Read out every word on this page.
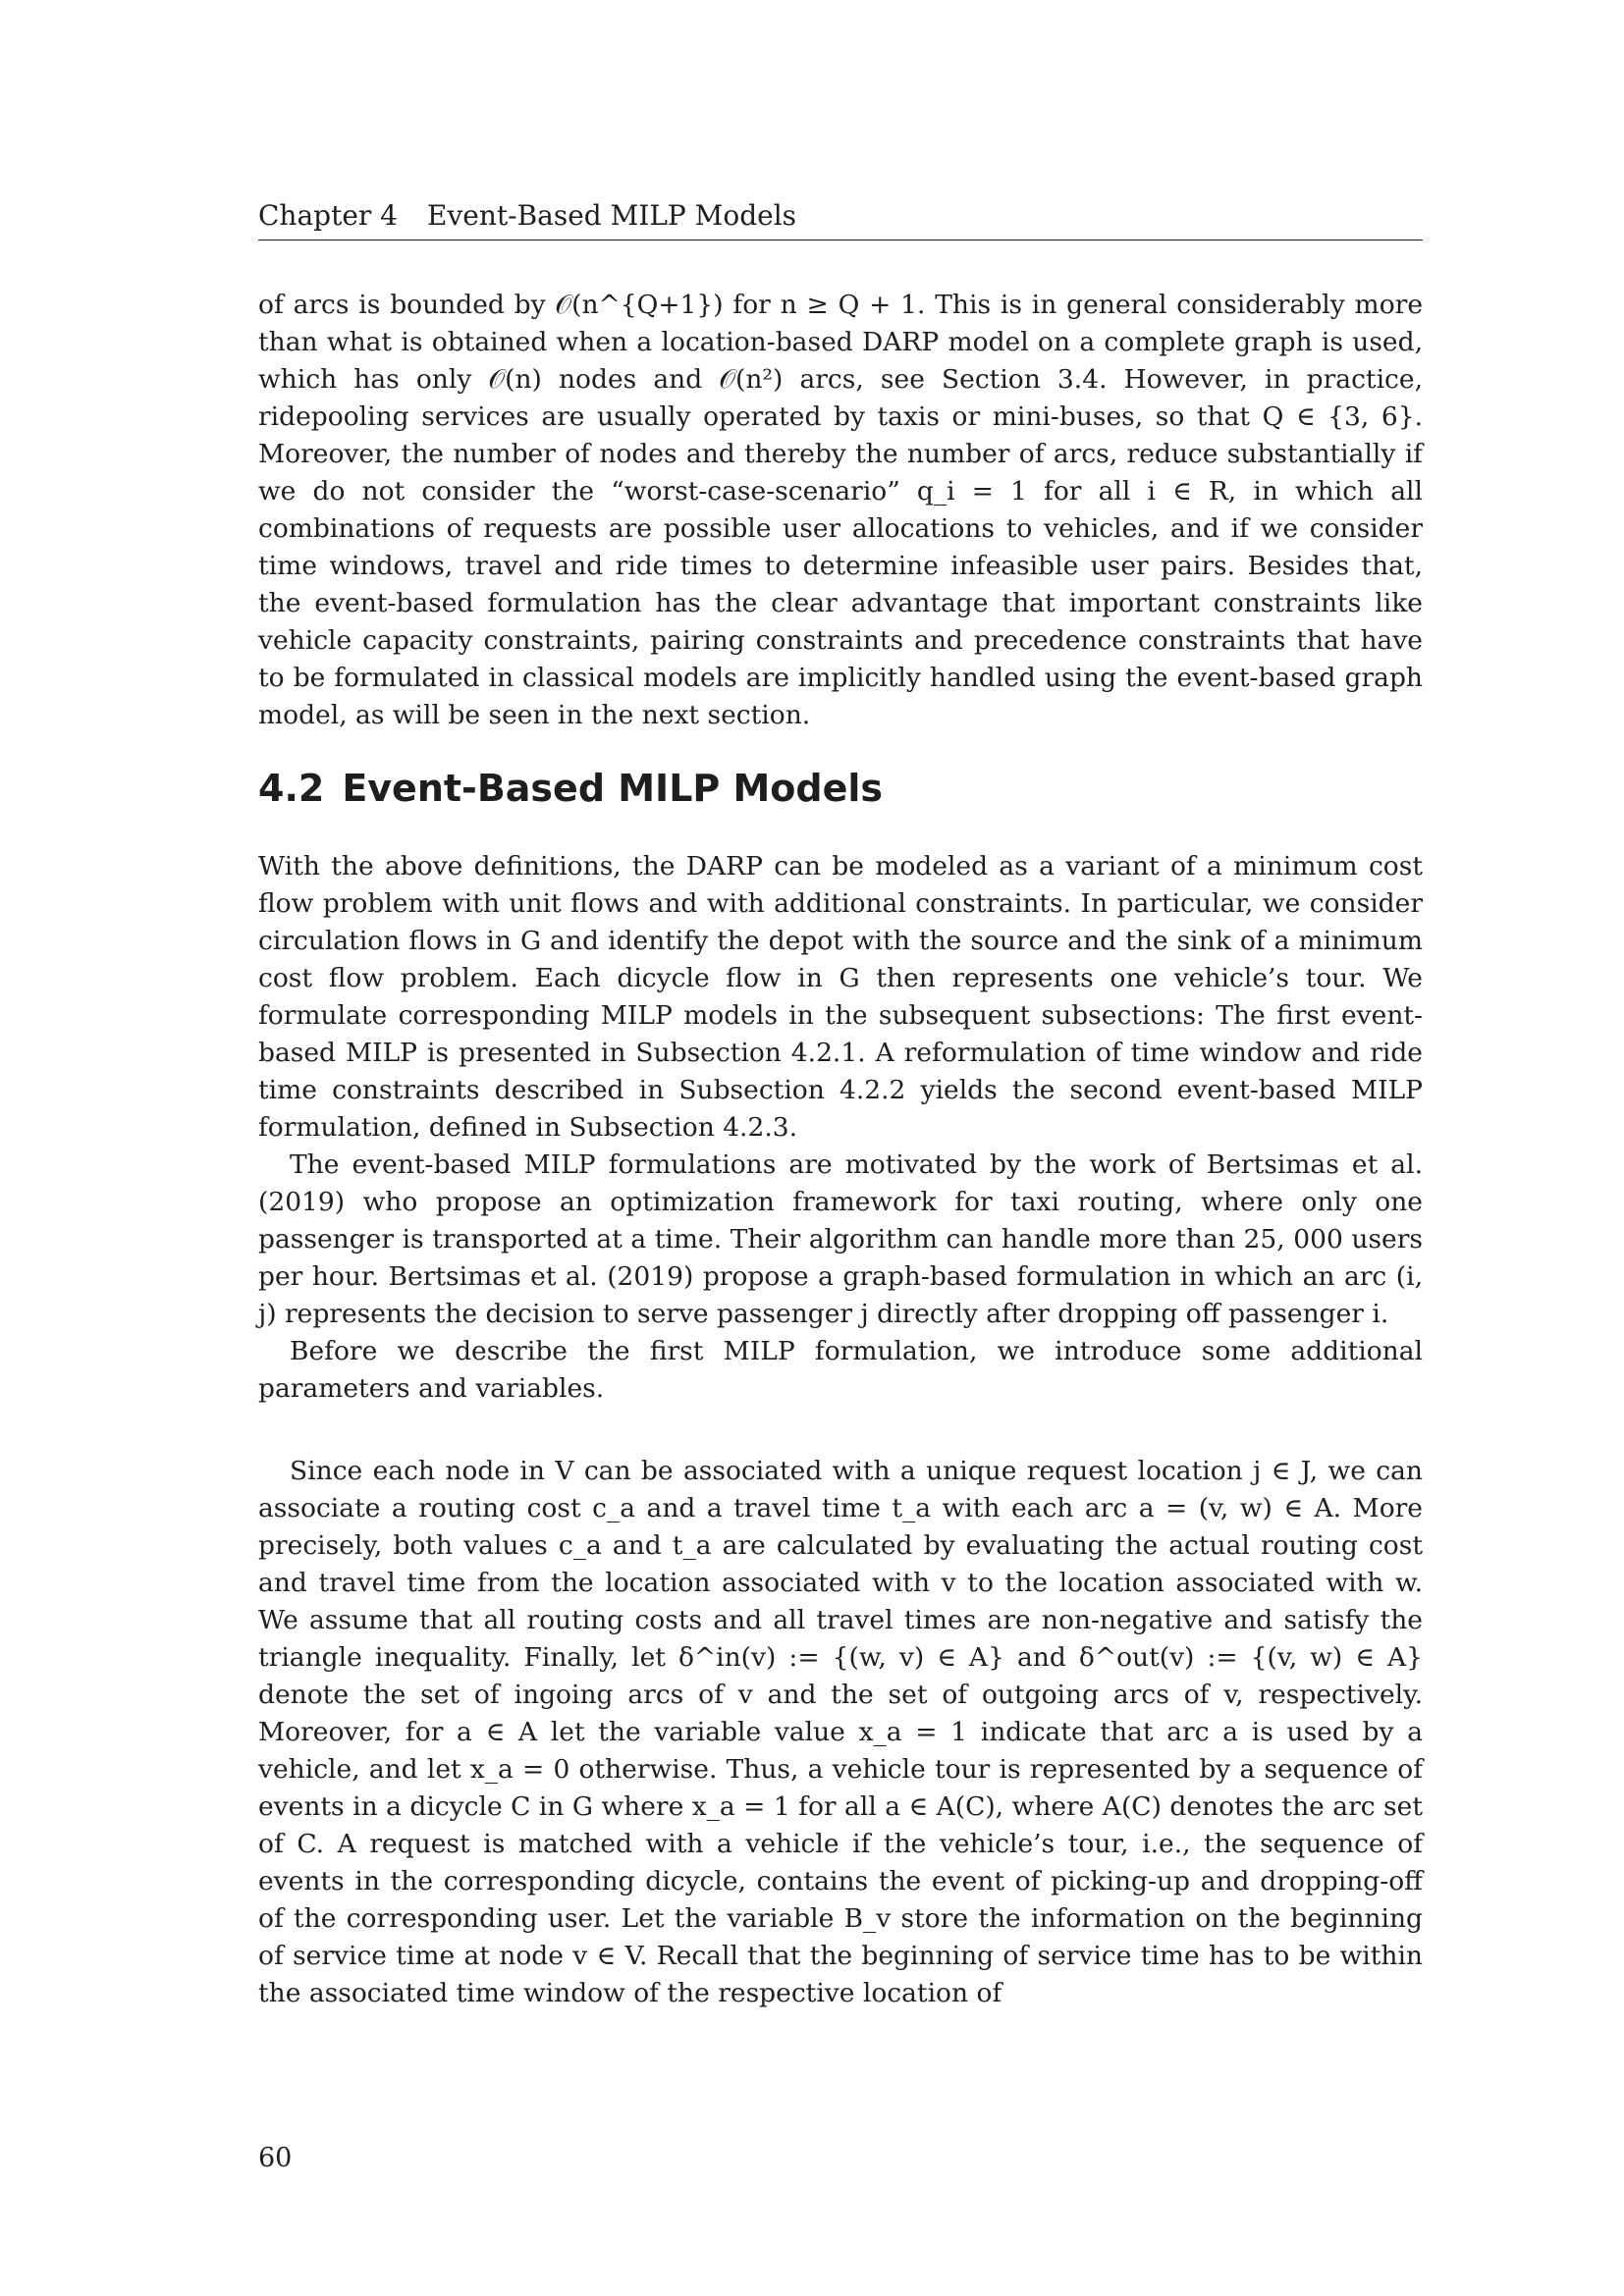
Chapter 4 Event-Based MILP Models

of arcs is bounded by 𝒪(n^{Q+1}) for n ≥ Q + 1. This is in general considerably more than what is obtained when a location-based DARP model on a complete graph is used, which has only 𝒪(n) nodes and 𝒪(n²) arcs, see Section 3.4. However, in practice, ridepooling services are usually operated by taxis or mini-buses, so that Q ∈ {3, 6}. Moreover, the number of nodes and thereby the number of arcs, reduce substantially if we do not consider the “worst-case-scenario” q_i = 1 for all i ∈ R, in which all combinations of requests are possible user allocations to vehicles, and if we consider time windows, travel and ride times to determine infeasible user pairs. Besides that, the event-based formulation has the clear advantage that important constraints like vehicle capacity constraints, pairing constraints and precedence constraints that have to be formulated in classical models are implicitly handled using the event-based graph model, as will be seen in the next section.

4.2 Event-Based MILP Models

With the above definitions, the DARP can be modeled as a variant of a minimum cost flow problem with unit flows and with additional constraints. In particular, we consider circulation flows in G and identify the depot with the source and the sink of a minimum cost flow problem. Each dicycle flow in G then represents one vehicle’s tour. We formulate corresponding MILP models in the subsequent subsections: The first event-based MILP is presented in Subsection 4.2.1. A reformulation of time window and ride time constraints described in Subsection 4.2.2 yields the second event-based MILP formulation, defined in Subsection 4.2.3.

The event-based MILP formulations are motivated by the work of Bertsimas et al. (2019) who propose an optimization framework for taxi routing, where only one passenger is transported at a time. Their algorithm can handle more than 25, 000 users per hour. Bertsimas et al. (2019) propose a graph-based formulation in which an arc (i, j) represents the decision to serve passenger j directly after dropping off passenger i.

Before we describe the first MILP formulation, we introduce some additional parameters and variables.

Since each node in V can be associated with a unique request location j ∈ J, we can associate a routing cost c_a and a travel time t_a with each arc a = (v, w) ∈ A. More precisely, both values c_a and t_a are calculated by evaluating the actual routing cost and travel time from the location associated with v to the location associated with w. We assume that all routing costs and all travel times are non-negative and satisfy the triangle inequality. Finally, let δ^in(v) := {(w, v) ∈ A} and δ^out(v) := {(v, w) ∈ A} denote the set of ingoing arcs of v and the set of outgoing arcs of v, respectively. Moreover, for a ∈ A let the variable value x_a = 1 indicate that arc a is used by a vehicle, and let x_a = 0 otherwise. Thus, a vehicle tour is represented by a sequence of events in a dicycle C in G where x_a = 1 for all a ∈ A(C), where A(C) denotes the arc set of C. A request is matched with a vehicle if the vehicle’s tour, i.e., the sequence of events in the corresponding dicycle, contains the event of picking-up and dropping-off of the corresponding user. Let the variable B_v store the information on the beginning of service time at node v ∈ V. Recall that the beginning of service time has to be within the associated time window of the respective location of

60
